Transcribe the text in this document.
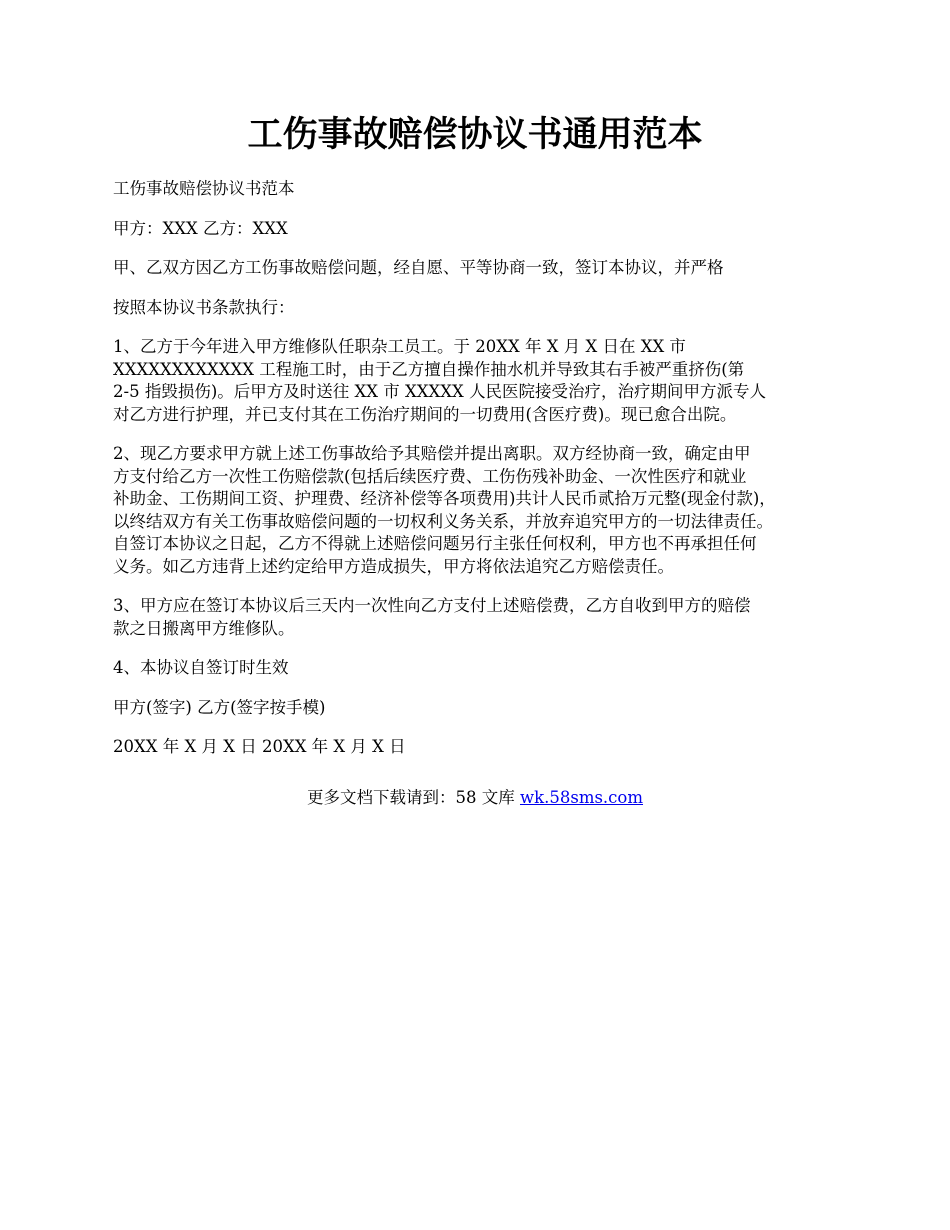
工伤事故赔偿协议书通用范本

工伤事故赔偿协议书范本

甲方：XXX 乙方：XXX

甲、乙双方因乙方工伤事故赔偿问题，经自愿、平等协商一致，签订本协议，并严格

按照本协议书条款执行：

1、乙方于今年进入甲方维修队任职杂工员工。于 20XX 年 X 月 X 日在 XX 市
XXXXXXXXXXXX 工程施工时，由于乙方擅自操作抽水机并导致其右手被严重挤伤(第
2-5 指毁损伤)。后甲方及时送往 XX 市 XXXXX 人民医院接受治疗，治疗期间甲方派专人
对乙方进行护理，并已支付其在工伤治疗期间的一切费用(含医疗费)。现已愈合出院。

2、现乙方要求甲方就上述工伤事故给予其赔偿并提出离职。双方经协商一致，确定由甲
方支付给乙方一次性工伤赔偿款(包括后续医疗费、工伤伤残补助金、一次性医疗和就业
补助金、工伤期间工资、护理费、经济补偿等各项费用)共计人民币贰拾万元整(现金付款)，
以终结双方有关工伤事故赔偿问题的一切权利义务关系，并放弃追究甲方的一切法律责任。
自签订本协议之日起，乙方不得就上述赔偿问题另行主张任何权利，甲方也不再承担任何
义务。如乙方违背上述约定给甲方造成损失，甲方将依法追究乙方赔偿责任。

3、甲方应在签订本协议后三天内一次性向乙方支付上述赔偿费，乙方自收到甲方的赔偿
款之日搬离甲方维修队。

4、本协议自签订时生效

甲方(签字) 乙方(签字按手模)

20XX 年 X 月 X 日 20XX 年 X 月 X 日

更多文档下载请到：58 文库 wk.58sms.com
